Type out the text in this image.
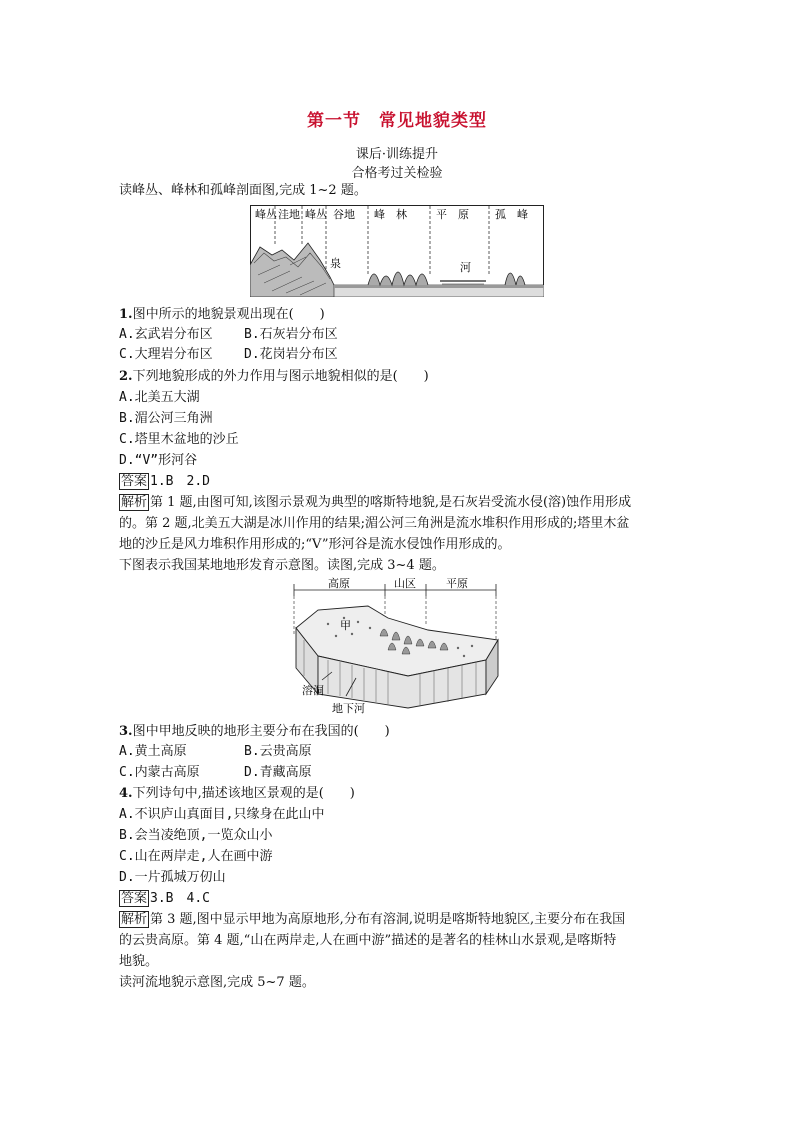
第一节　常见地貌类型
课后·训练提升
合格考过关检验
读峰丛、峰林和孤峰剖面图,完成 1~2 题。
峰丛 洼地 峰丛 谷地 峰　林	平　原 孤　峰
泉	河
1.图中所示的地貌景观出现在(　　)
A.玄武岩分布区 B.石灰岩分布区
C.大理岩分布区 D.花岗岩分布区
2.下列地貌形成的外力作用与图示地貌相似的是(　　)
A.北美五大湖
B.湄公河三角洲
C.塔里木盆地的沙丘
D.“V”形河谷
答案 1.B　2.D
解析 第 1 题,由图可知,该图示景观为典型的喀斯特地貌,是石灰岩受流水侵(溶)蚀作用形成
的。第 2 题,北美五大湖是冰川作用的结果;湄公河三角洲是流水堆积作用形成的;塔里木盆
地的沙丘是风力堆积作用形成的;“V”形河谷是流水侵蚀作用形成的。
下图表示我国某地地形发育示意图。读图,完成 3~4 题。
高原	山区	平原
甲
溶洞
地下河
3.图中甲地反映的地形主要分布在我国的(　　)
A.黄土高原	B.云贵高原
C.内蒙古高原	D.青藏高原
4.下列诗句中,描述该地区景观的是(　　)
A.不识庐山真面目,只缘身在此山中
B.会当凌绝顶,一览众山小
C.山在两岸走,人在画中游
D.一片孤城万仞山
答案 3.B　4.C
解析 第 3 题,图中显示甲地为高原地形,分布有溶洞,说明是喀斯特地貌区,主要分布在我国
的云贵高原。第 4 题,“山在两岸走,人在画中游”描述的是著名的桂林山水景观,是喀斯特
地貌。
读河流地貌示意图,完成 5~7 题。
